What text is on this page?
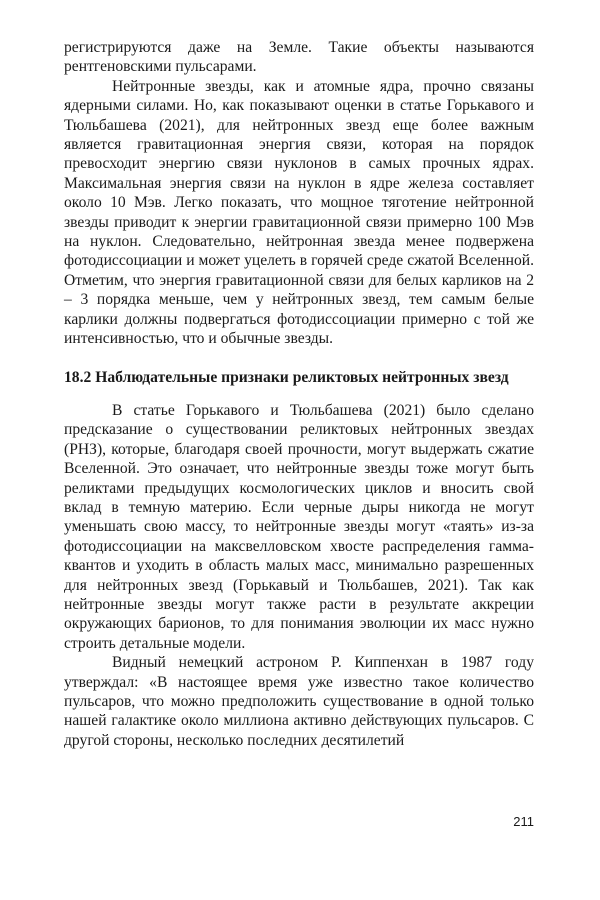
регистрируются даже на Земле. Такие объекты называются рентгеновскими пульсарами.

Нейтронные звезды, как и атомные ядра, прочно связаны ядерными силами. Но, как показывают оценки в статье Горькавого и Тюльбашева (2021), для нейтронных звезд еще более важным является гравитационная энергия связи, которая на порядок превосходит энергию связи нуклонов в самых прочных ядрах. Максимальная энергия связи на нуклон в ядре железа составляет около 10 Мэв. Легко показать, что мощное тяготение нейтронной звезды приводит к энергии гравитационной связи примерно 100 Мэв на нуклон. Следовательно, нейтронная звезда менее подвержена фотодиссоциации и может уцелеть в горячей среде сжатой Вселенной. Отметим, что энергия гравитационной связи для белых карликов на 2 – 3 порядка меньше, чем у нейтронных звезд, тем самым белые карлики должны подвергаться фотодиссоциации примерно с той же интенсивностью, что и обычные звезды.

18.2 Наблюдательные признаки реликтовых нейтронных звезд

В статье Горькавого и Тюльбашева (2021) было сделано предсказание о существовании реликтовых нейтронных звездах (РНЗ), которые, благодаря своей прочности, могут выдержать сжатие Вселенной. Это означает, что нейтронные звезды тоже могут быть реликтами предыдущих космологических циклов и вносить свой вклад в темную материю. Если черные дыры никогда не могут уменьшать свою массу, то нейтронные звезды могут «таять» из-за фотодиссоциации на максвелловском хвосте распределения гамма-квантов и уходить в область малых масс, минимально разрешенных для нейтронных звезд (Горькавый и Тюльбашев, 2021). Так как нейтронные звезды могут также расти в результате аккреции окружающих барионов, то для понимания эволюции их масс нужно строить детальные модели.

Видный немецкий астроном Р. Киппенхан в 1987 году утверждал: «В настоящее время уже известно такое количество пульсаров, что можно предположить существование в одной только нашей галактике около миллиона активно действующих пульсаров. С другой стороны, несколько последних десятилетий

211
